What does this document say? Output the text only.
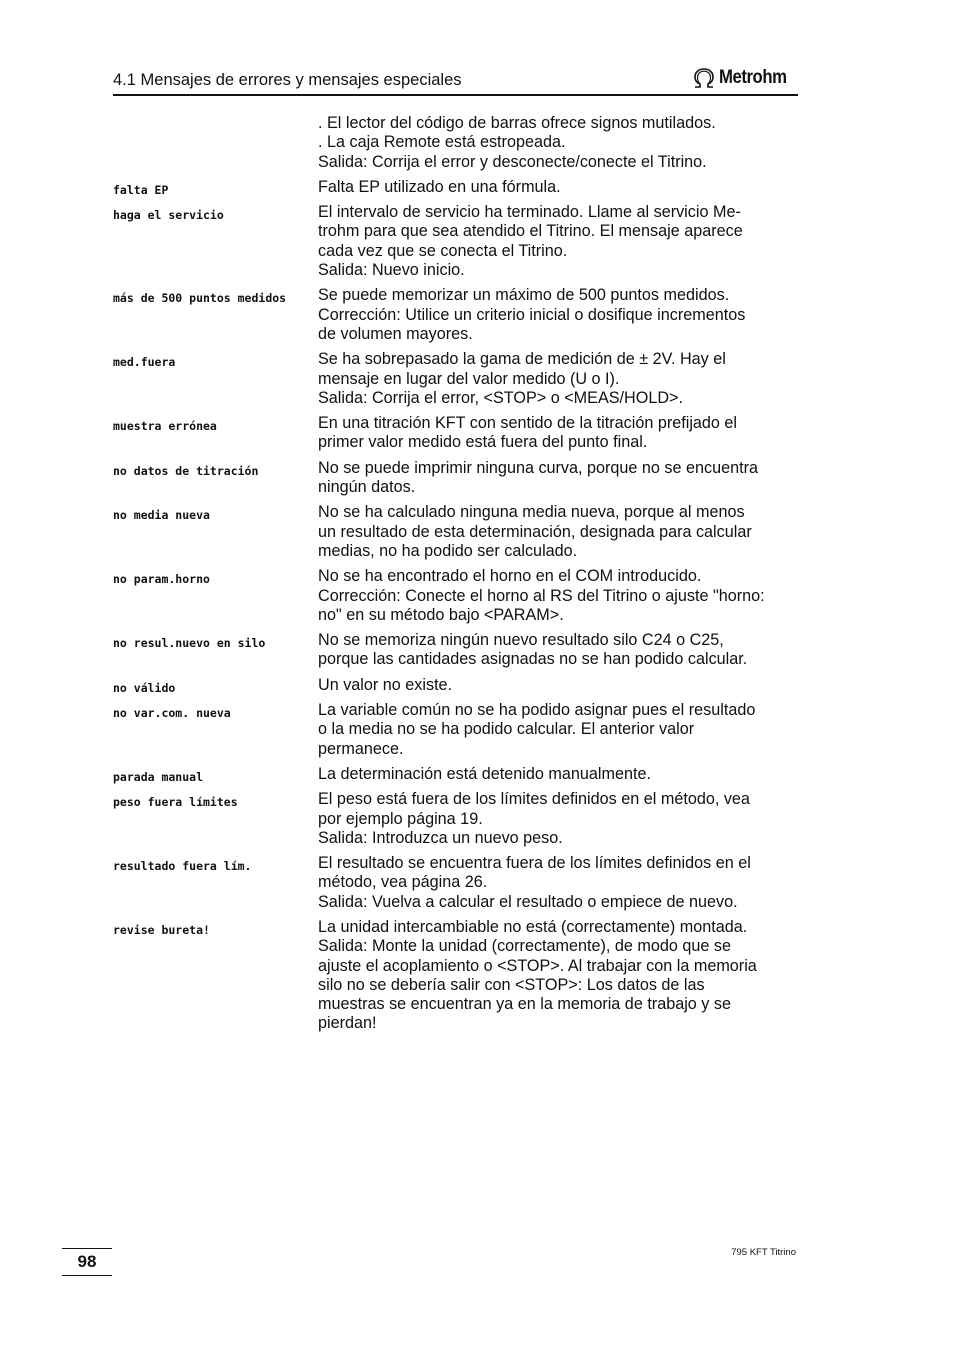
4.1 Mensajes de errores y mensajes especiales	Metrohm
. El lector del código de barras ofrece signos mutilados.
. La caja Remote está estropeada.
Salida: Corrija el error y desconecte/conecte el Titrino.
falta EP	Falta EP utilizado en una fórmula.
haga el servicio	El intervalo de servicio ha terminado. Llame al servicio Me-
trohm para que sea atendido el Titrino. El mensaje aparece
cada vez que se conecta el Titrino.
Salida: Nuevo inicio.
más de 500 puntos medidos	Se puede memorizar un máximo de 500 puntos medidos.
Corrección: Utilice un criterio inicial o dosifique incrementos
de volumen mayores.
med.fuera	Se ha sobrepasado la gama de medición de ± 2V. Hay el
mensaje en lugar del valor medido (U o I).
Salida: Corrija el error, <STOP> o <MEAS/HOLD>.
muestra errónea	En una titración KFT con sentido de la titración prefijado el
primer valor medido está fuera del punto final.
no datos de titración	No se puede imprimir ninguna curva, porque no se encuentra
ningún datos.
no media nueva	No se ha calculado ninguna media nueva, porque al menos
un resultado de esta determinación, designada para calcular
medias, no ha podido ser calculado.
no param.horno	No se ha encontrado el horno en el COM introducido.
Corrección: Conecte el horno al RS del Titrino o ajuste "horno:
no" en su método bajo <PARAM>.
no resul.nuevo en silo	No se memoriza ningún nuevo resultado silo C24 o C25,
porque las cantidades asignadas no se han podido calcular.
no válido	Un valor no existe.
no var.com. nueva	La variable común no se ha podido asignar pues el resultado
o la media no se ha podido calcular. El anterior valor
permanece.
parada manual	La determinación está detenido manualmente.
peso fuera límites	El peso está fuera de los límites definidos en el método, vea
por ejemplo página 19.
Salida: Introduzca un nuevo peso.
resultado fuera lím.	El resultado se encuentra fuera de los límites definidos en el
método, vea página 26.
Salida: Vuelva a calcular el resultado o empiece de nuevo.
revise bureta!	La unidad intercambiable no está (correctamente) montada.
Salida: Monte la unidad (correctamente), de modo que se
ajuste el acoplamiento o <STOP>. Al trabajar con la memoria
silo no se debería salir con <STOP>: Los datos de las
muestras se encuentran ya en la memoria de trabajo y se
pierdan!
98	795 KFT Titrino
